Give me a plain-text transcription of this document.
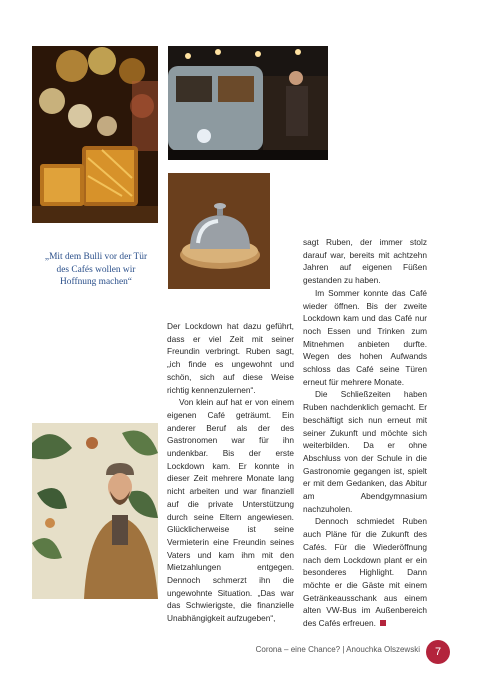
„Mit dem Bulli vor der Tür des Cafés wollen wir Hoffnung machen“

Der Lockdown hat dazu geführt, dass er viel Zeit mit seiner Freundin verbringt. Ruben sagt, „ich finde es ungewohnt und schön, sich auf diese Weise richtig kennenzulernen“.

Von klein auf hat er von einem eigenen Café geträumt. Ein anderer Beruf als der des Gastronomen war für ihn undenkbar. Bis der erste Lockdown kam. Er konnte in dieser Zeit mehrere Monate lang nicht arbeiten und war finanziell auf die private Unterstützung durch seine Eltern angewiesen. Glücklicherweise ist seine Vermieterin eine Freundin seines Vaters und kam ihm mit den Mietzahlungen entgegen. Dennoch schmerzt ihn die ungewohnte Situation. „Das war das Schwierigste, die finanzielle Unabhängigkeit aufzugeben“,

sagt Ruben, der immer stolz darauf war, bereits mit achtzehn Jahren auf eigenen Füßen gestanden zu haben.

Im Sommer konnte das Café wieder öffnen. Bis der zweite Lockdown kam und das Café nur noch Essen und Trinken zum Mitnehmen anbieten durfte. Wegen des hohen Aufwands schloss das Café seine Türen erneut für mehrere Monate.

Die Schließzeiten haben Ruben nachdenklich gemacht. Er beschäftigt sich nun erneut mit seiner Zukunft und möchte sich weiterbilden. Da er ohne Abschluss von der Schule in die Gastronomie gegangen ist, spielt er mit dem Gedanken, das Abitur am Abendgymnasium nachzuholen.

Dennoch schmiedet Ruben auch Pläne für die Zukunft des Cafés. Für die Wiederöffnung nach dem Lockdown plant er ein besonderes Highlight. Dann möchte er die Gäste mit einem Getränkeausschank aus einem alten VW-Bus im Außenbereich des Cafés erfreuen.

Corona – eine Chance? | Anouchka Olszewski	7
